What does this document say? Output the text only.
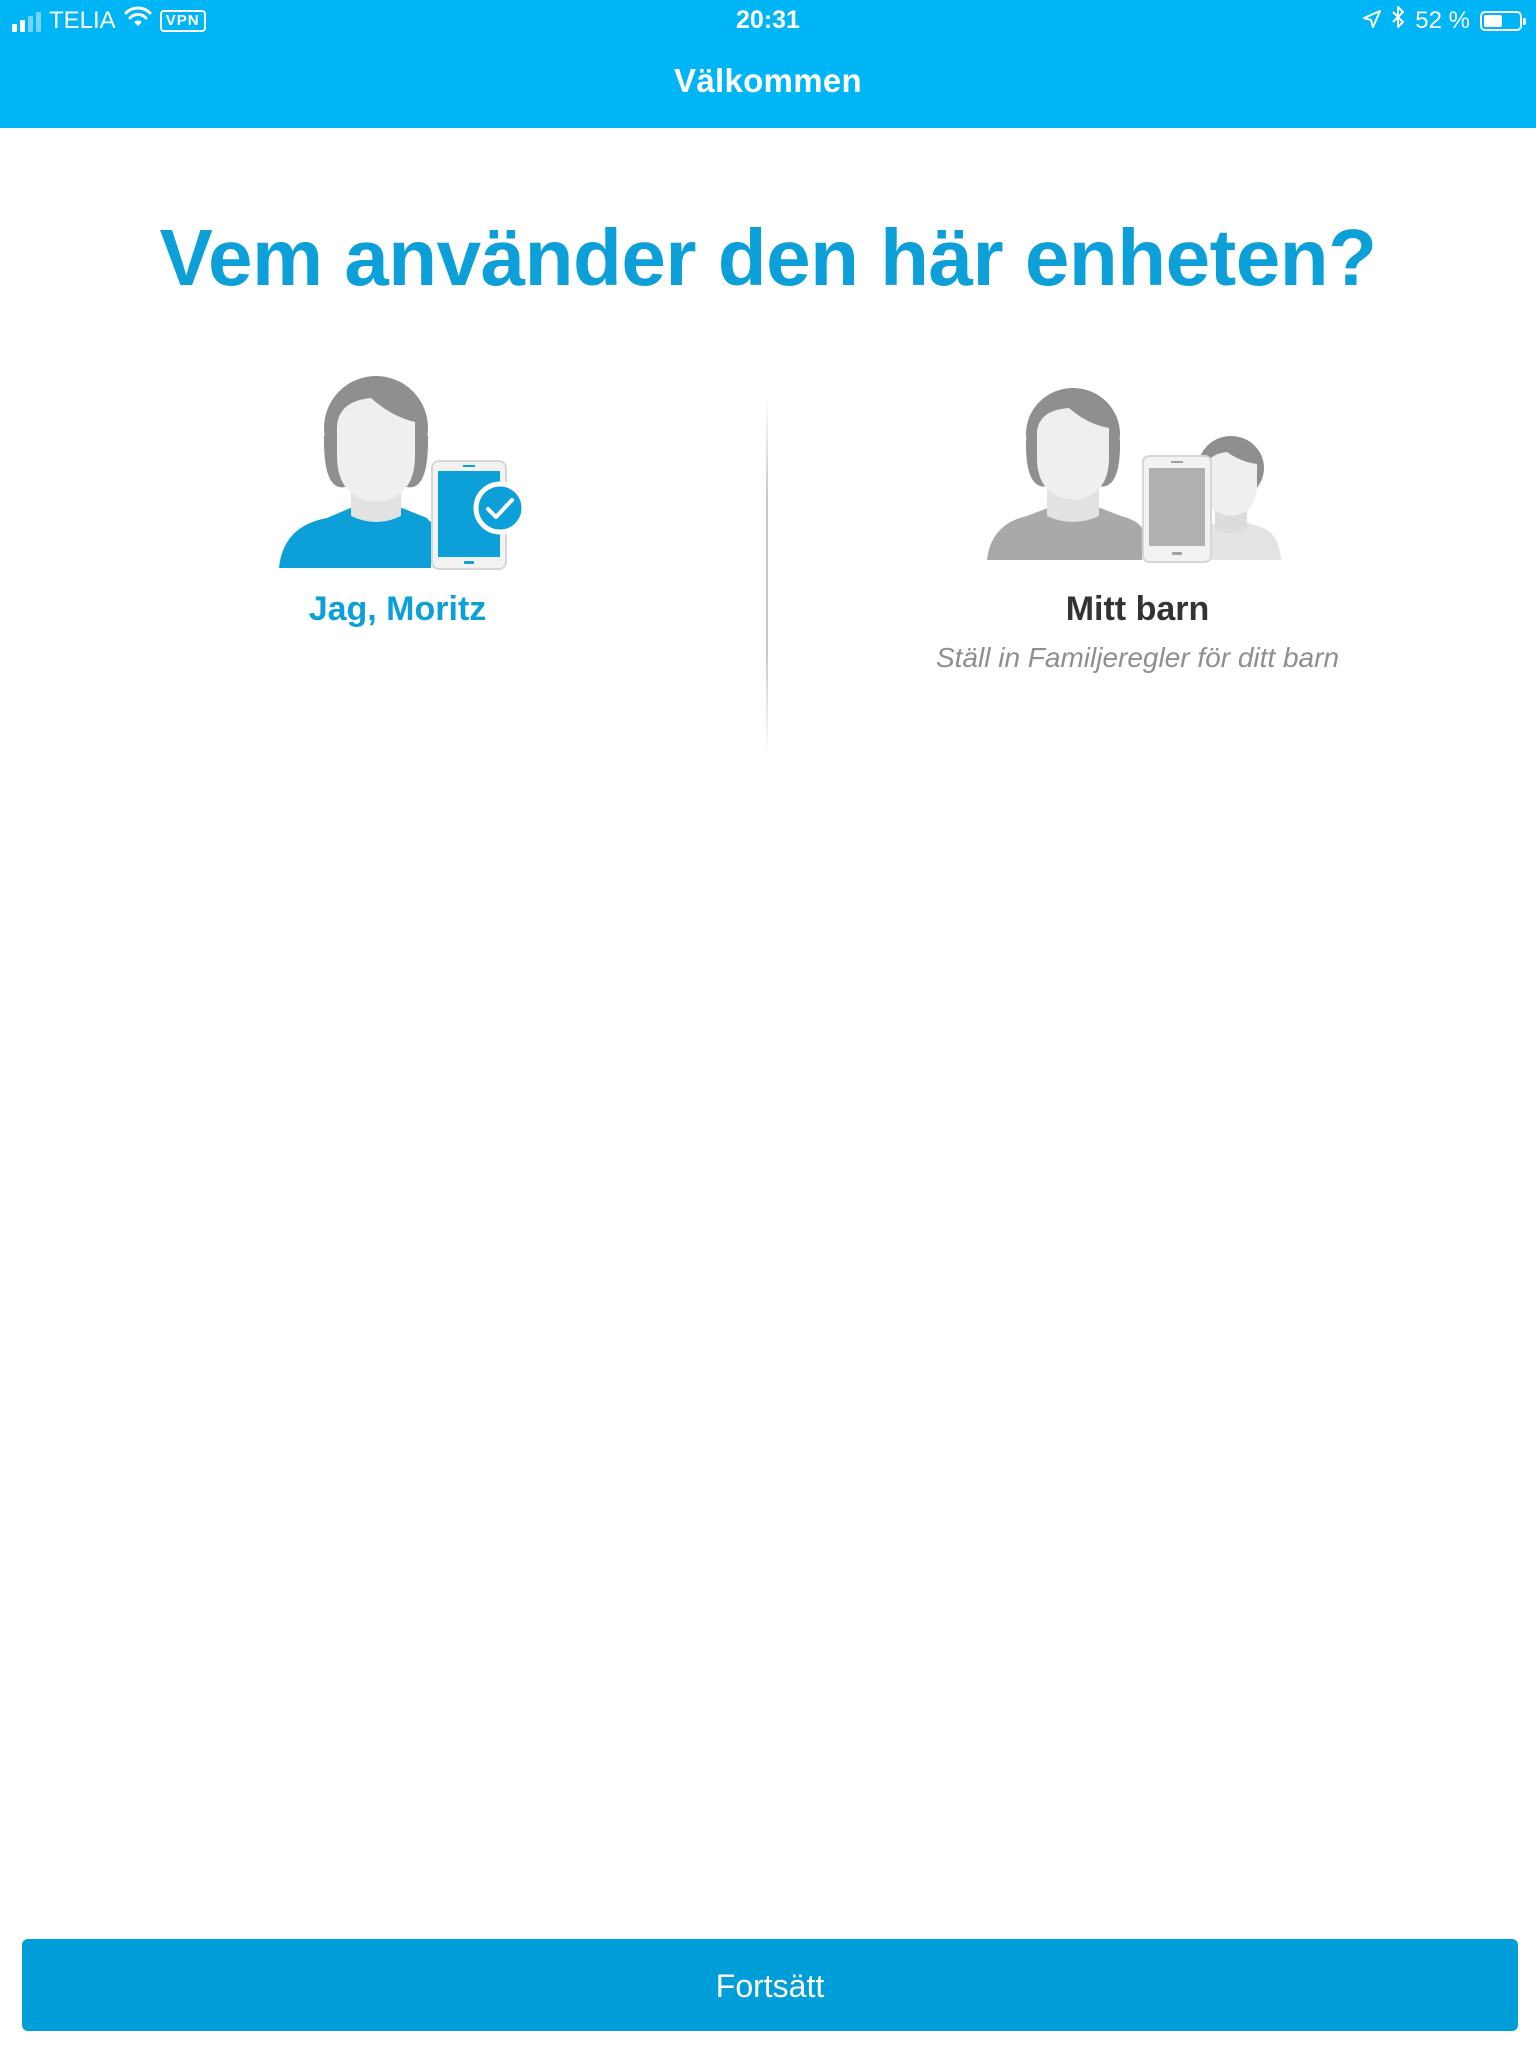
TELIA	VPN	20:31	52 %
Välkommen
Vem använder den här enheten?
Jag, Moritz	Mitt barn
Ställ in Familjeregler för ditt barn
Fortsätt
